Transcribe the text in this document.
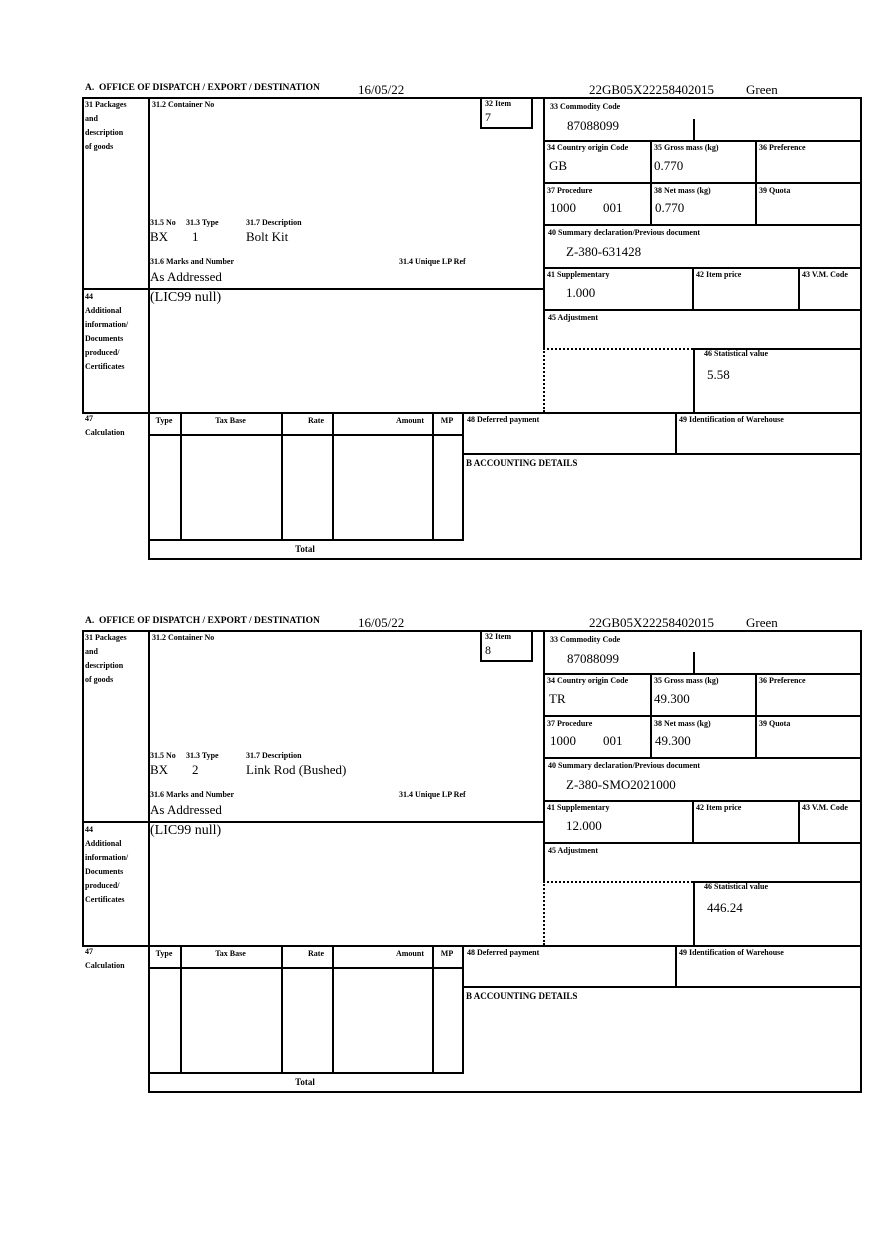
A.  OFFICE OF DISPATCH / EXPORT / DESTINATION	16/05/22	22GB05X22258402015 Green
31 Packages
and
description
of goods
44
Additional
information/
Documents
produced/
Certificates
47
Calculation
31.2 Container No
31.5 No 31.3 Type	31.7 Description
BX 1	Bolt Kit
31.6 Marks and Number	31.4 Unique LP Ref
As Addressed
32 Item
7
33 Commodity Code
87088099
34 Country origin Code	35 Gross mass (kg)	36 Preference
GB	0.770
37 Procedure	38 Net mass (kg)	39 Quota
1000 001	0.770
40 Summary declaration/Previous document
Z-380-631428
41 Supplementary	42 Item price	43 V.M. Code
1.000
(LIC99 null)
45 Adjustment
46 Statistical value
5.58
Type	Tax Base	Rate	Amount	MP	48 Deferred payment	49 Identification of Warehouse
B ACCOUNTING DETAILS
Total
A.  OFFICE OF DISPATCH / EXPORT / DESTINATION	16/05/22	22GB05X22258402015 Green
31 Packages
and
description
of goods
44
Additional
information/
Documents
produced/
Certificates
47
Calculation
31.2 Container No
31.5 No 31.3 Type	31.7 Description
BX 2	Link Rod (Bushed)
31.6 Marks and Number	31.4 Unique LP Ref
As Addressed
32 Item
8
33 Commodity Code
87088099
34 Country origin Code	35 Gross mass (kg)	36 Preference
TR	49.300
37 Procedure	38 Net mass (kg)	39 Quota
1000 001	49.300
40 Summary declaration/Previous document
Z-380-SMO2021000
41 Supplementary	42 Item price	43 V.M. Code
12.000
(LIC99 null)
45 Adjustment
46 Statistical value
446.24
Type	Tax Base	Rate	Amount	MP	48 Deferred payment	49 Identification of Warehouse
B ACCOUNTING DETAILS
Total
